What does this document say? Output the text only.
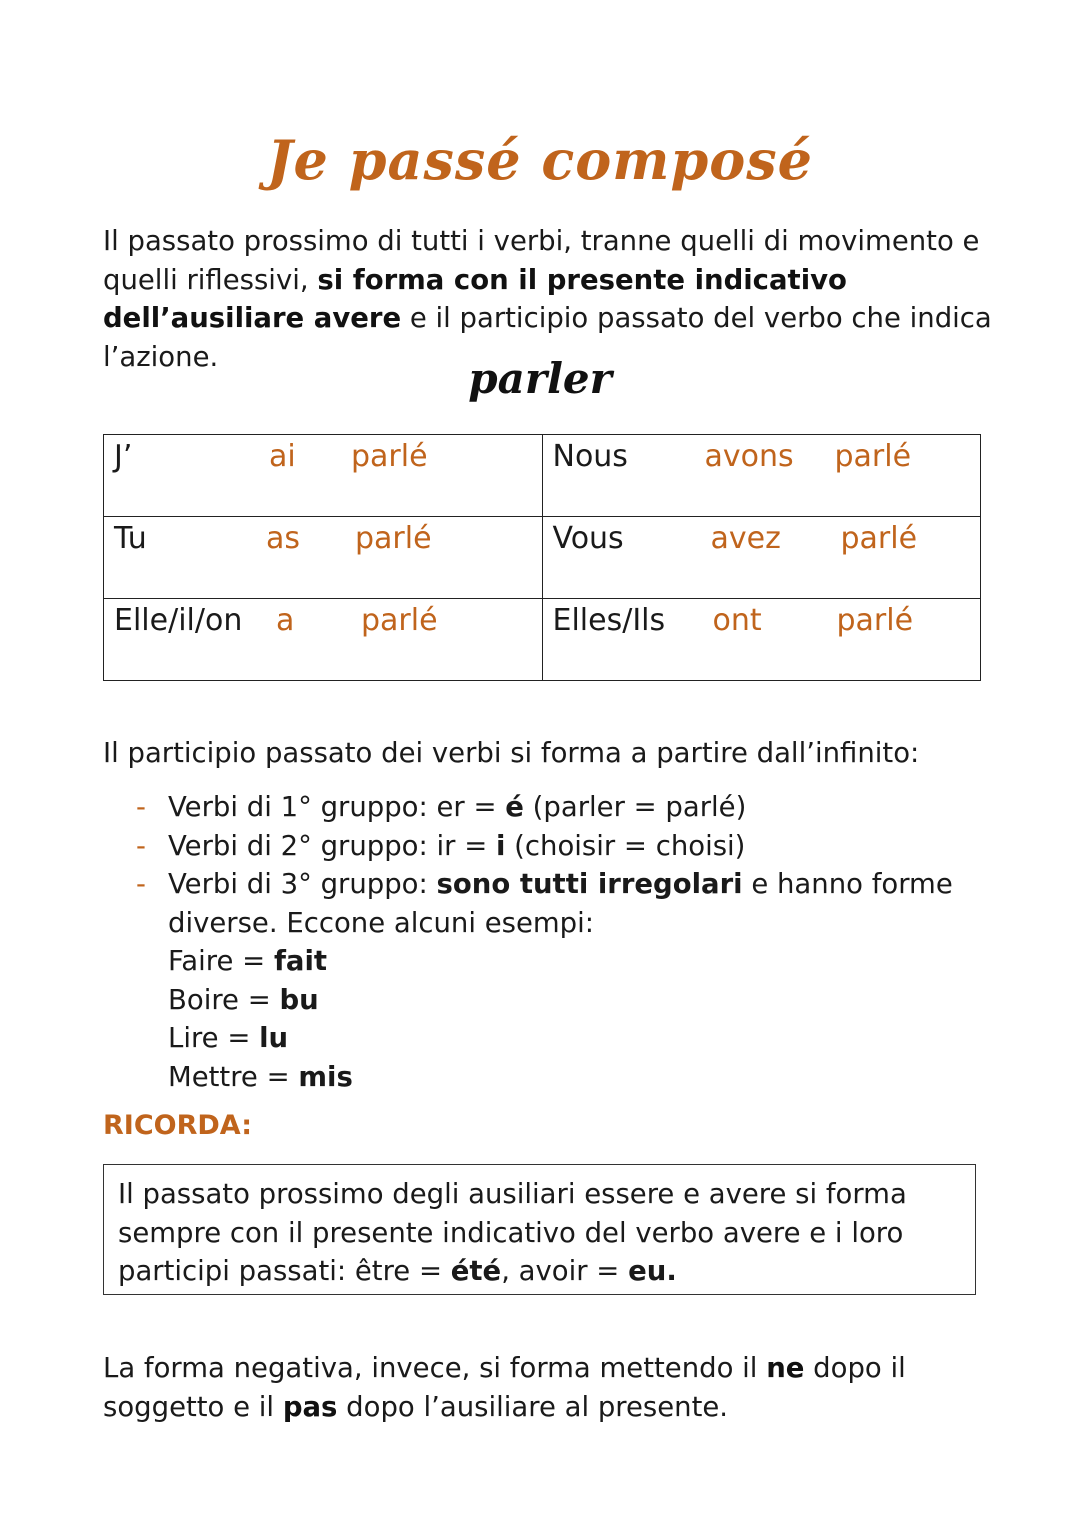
Je passé composé
Il passato prossimo di tutti i verbi, tranne quelli di movimento e quelli riflessivi, si forma con il presente indicativo dell’ausiliare avere e il participio passato del verbo che indica l’azione.	parler
J’ ai parlé	Nous avons parlé

Tu as parlé	Vous avez parlé

Elle/il/on a parlé	Elles/Ils ont parlé
Il participio passato dei verbi si forma a partire dall’infinito:
- Verbi di 1° gruppo: er = é (parler = parlé)
- Verbi di 2° gruppo: ir = i (choisir = choisi)
- Verbi di 3° gruppo: sono tutti irregolari e hanno forme diverse. Eccone alcuni esempi:
Faire = fait
Boire = bu
Lire = lu
Mettre = mis
RICORDA:
Il passato prossimo degli ausiliari essere e avere si forma sempre con il presente indicativo del verbo avere e i loro participi passati: être = été, avoir = eu.
La forma negativa, invece, si forma mettendo il ne dopo il soggetto e il pas dopo l’ausiliare al presente.
